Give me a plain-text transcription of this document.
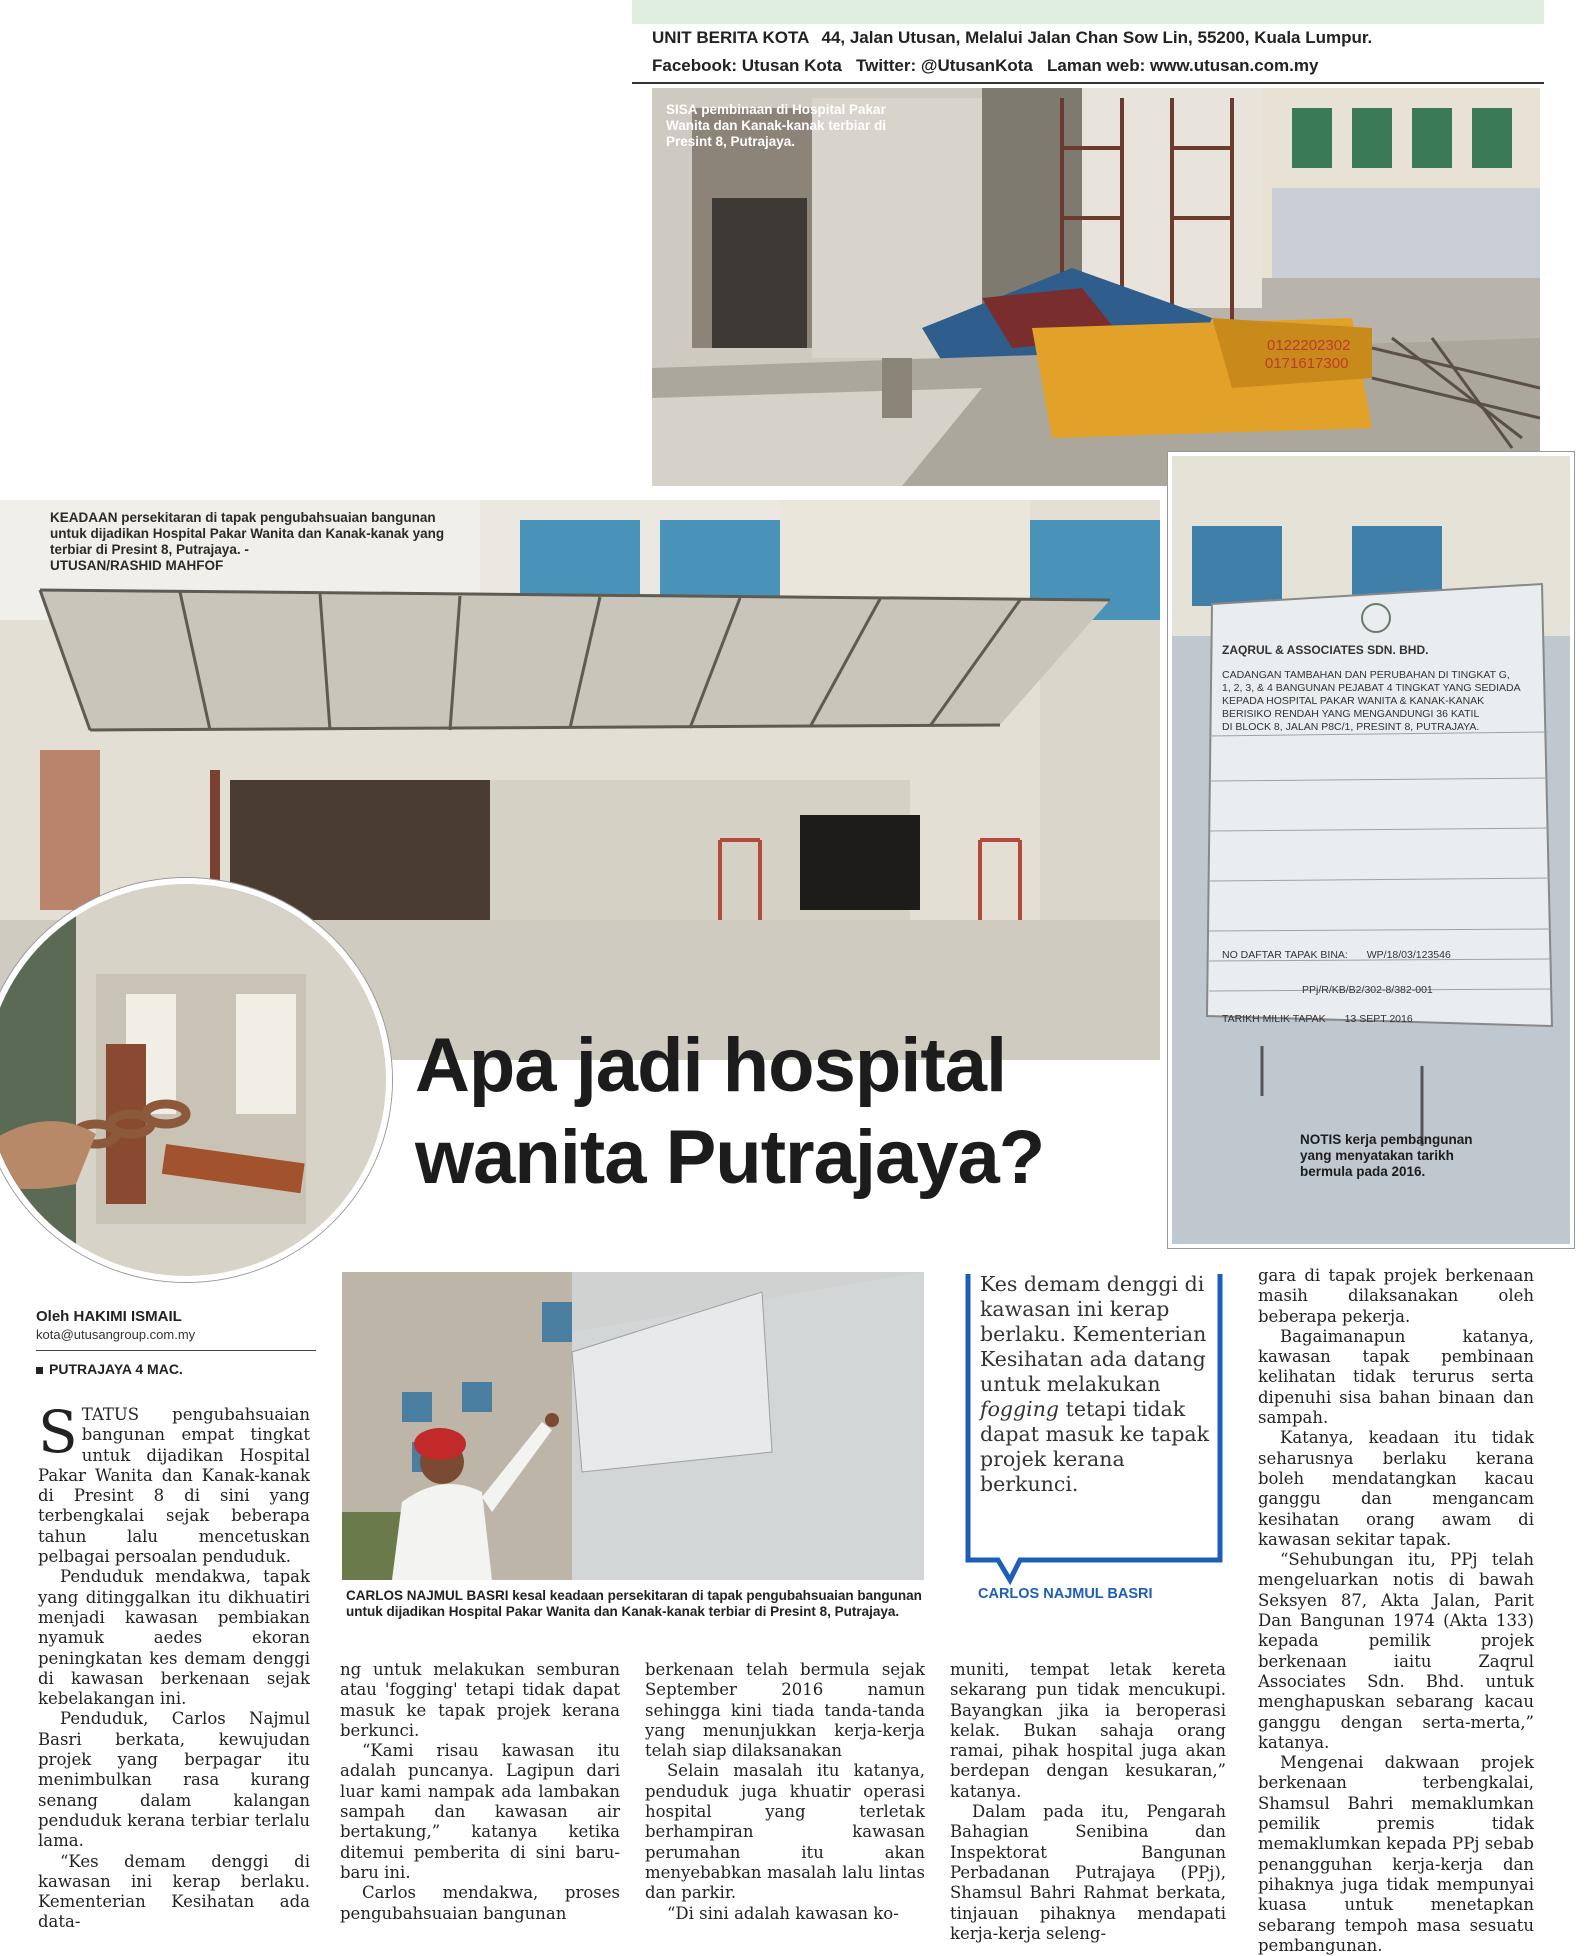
UNIT BERITA KOTA 44, Jalan Utusan, Melalui Jalan Chan Sow Lin, 55200, Kuala Lumpur.
Facebook: Utusan Kota   Twitter: @UtusanKota   Laman web: www.utusan.com.my
0122202302
0171617300
SISA pembinaan di Hospital Pakar Wanita dan Kanak-kanak terbiar di Presint 8, Putrajaya.
KEADAAN persekitaran di tapak pengubahsuaian bangunan untuk dijadikan Hospital Pakar Wanita dan Kanak-kanak yang terbiar di Presint 8, Putrajaya. -
UTUSAN/RASHID MAHFOF
ZAQRUL & ASSOCIATES SDN. BHD.
CADANGAN TAMBAHAN DAN PERUBAHAN DI TINGKAT G,
1, 2, 3, & 4 BANGUNAN PEJABAT 4 TINGKAT YANG SEDIADA
KEPADA HOSPITAL PAKAR WANITA & KANAK-KANAK
BERISIKO RENDAH YANG MENGANDUNGI 36 KATIL
DI BLOCK 8, JALAN P8C/1, PRESINT 8, PUTRAJAYA.
NO DAFTAR TAPAK BINA: WP/18/03/123546
PPj/R/KB/B2/302-8/382-001
TARIKH MILIK TAPAK 13 SEPT 2016
NOTIS kerja pembangunan yang menyatakan tarikh bermula pada 2016.
Apa jadi hospital
wanita Putrajaya?
CARLOS NAJMUL BASRI kesal keadaan persekitaran di tapak pengubahsuaian bangunan untuk dijadikan Hospital Pakar Wanita dan Kanak-kanak terbiar di Presint 8, Putrajaya.
Oleh HAKIMI ISMAIL
kota@utusangroup.com.my
PUTRAJAYA 4 MAC.
Kes demam denggi di kawasan ini kerap berlaku. Kementerian Kesihatan ada datang untuk melakukan fogging tetapi tidak dapat masuk ke tapak projek kerana berkunci.
CARLOS NAJMUL BASRI

STATUS pengubahsuaian bangunan empat tingkat untuk dijadikan Hospital Pakar Wanita dan Kanak-kanak di Presint 8 di sini yang terbengkalai sejak beberapa tahun lalu mencetuskan pelbagai persoalan penduduk.

Penduduk mendakwa, tapak yang ditinggalkan itu dikhuatiri menjadi kawasan pembiakan nyamuk aedes ekoran peningkatan kes demam denggi di kawasan berkenaan sejak kebelakangan ini.

Penduduk, Carlos Najmul Basri berkata, kewujudan projek yang berpagar itu menimbulkan rasa kurang senang dalam kalangan penduduk kerana terbiar terlalu lama.

“Kes demam denggi di kawasan ini kerap berlaku. Kementerian Kesihatan ada data-

ng untuk melakukan semburan atau 'fogging' tetapi tidak dapat masuk ke tapak projek kerana berkunci.

“Kami risau kawasan itu adalah puncanya. Lagipun dari luar kami nampak ada lambakan sampah dan kawasan air bertakung,” katanya ketika ditemui pemberita di sini baru-baru ini.

Carlos mendakwa, proses pengubahsuaian bangunan

berkenaan telah bermula sejak September 2016 namun sehingga kini tiada tanda-tanda yang menunjukkan kerja-kerja telah siap dilaksanakan

Selain masalah itu katanya, penduduk juga khuatir operasi hospital yang terletak berhampiran kawasan perumahan itu akan menyebabkan masalah lalu lintas dan parkir.

“Di sini adalah kawasan ko-

muniti, tempat letak kereta sekarang pun tidak mencukupi. Bayangkan jika ia beroperasi kelak. Bukan sahaja orang ramai, pihak hospital juga akan berdepan dengan kesukaran,” katanya.

Dalam pada itu, Pengarah Bahagian Senibina dan Inspektorat Bangunan Perbadanan Putrajaya (PPj), Shamsul Bahri Rahmat berkata, tinjauan pihaknya mendapati kerja-kerja seleng-

gara di tapak projek berkenaan masih dilaksanakan oleh beberapa pekerja.

Bagaimanapun katanya, kawasan tapak pembinaan kelihatan tidak terurus serta dipenuhi sisa bahan binaan dan sampah.

Katanya, keadaan itu tidak seharusnya berlaku kerana boleh mendatangkan kacau ganggu dan mengancam kesihatan orang awam di kawasan sekitar tapak.

“Sehubungan itu, PPj telah mengeluarkan notis di bawah Seksyen 87, Akta Jalan, Parit Dan Bangunan 1974 (Akta 133) kepada pemilik projek berkenaan iaitu Zaqrul Associates Sdn. Bhd. untuk menghapuskan sebarang kacau ganggu dengan serta-merta,” katanya.

Mengenai dakwaan projek berkenaan terbengkalai, Shamsul Bahri memaklumkan pemilik premis tidak memaklumkan kepada PPj sebab penangguhan kerja-kerja dan pihaknya juga tidak mempunyai kuasa untuk menetapkan sebarang tempoh masa sesuatu pembangunan.
